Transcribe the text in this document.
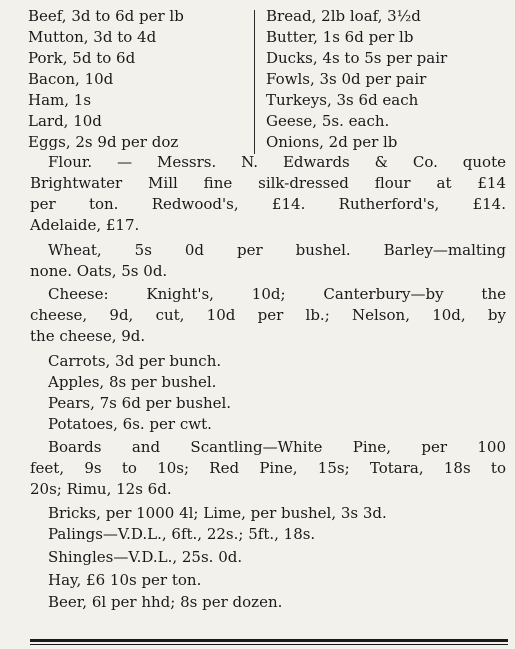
Beef, 3d to 6d per lb
Mutton, 3d to 4d
Pork, 5d to 6d
Bacon, 10d
Ham, 1s
Lard, 10d
Eggs, 2s 9d per doz
Bread, 2lb loaf, 3½d
Butter, 1s 6d per lb
Ducks, 4s to 5s per pair
Fowls, 3s 0d per pair
Turkeys, 3s 6d each
Geese, 5s. each.
Onions, 2d per lb
Flour. — Messrs. N. Edwards & Co. quote
Brightwater Mill fine silk-dressed flour at £14
per ton. Redwood's, £14. Rutherford's, £14.
Adelaide, £17.
Wheat, 5s 0d per bushel. Barley—malting
none. Oats, 5s 0d.
Cheese: Knight's, 10d; Canterbury—by the
cheese, 9d, cut, 10d per lb.; Nelson, 10d, by
the cheese, 9d.
Carrots, 3d per bunch.
Apples, 8s per bushel.
Pears, 7s 6d per bushel.
Potatoes, 6s. per cwt.
Boards and Scantling—White Pine, per 100
feet, 9s to 10s; Red Pine, 15s; Totara, 18s to
20s; Rimu, 12s 6d.
Bricks, per 1000 4l; Lime, per bushel, 3s 3d.
Palings—V.D.L., 6ft., 22s.; 5ft., 18s.
Shingles—V.D.L., 25s. 0d.
Hay, £6 10s per ton.
Beer, 6l per hhd; 8s per dozen.
